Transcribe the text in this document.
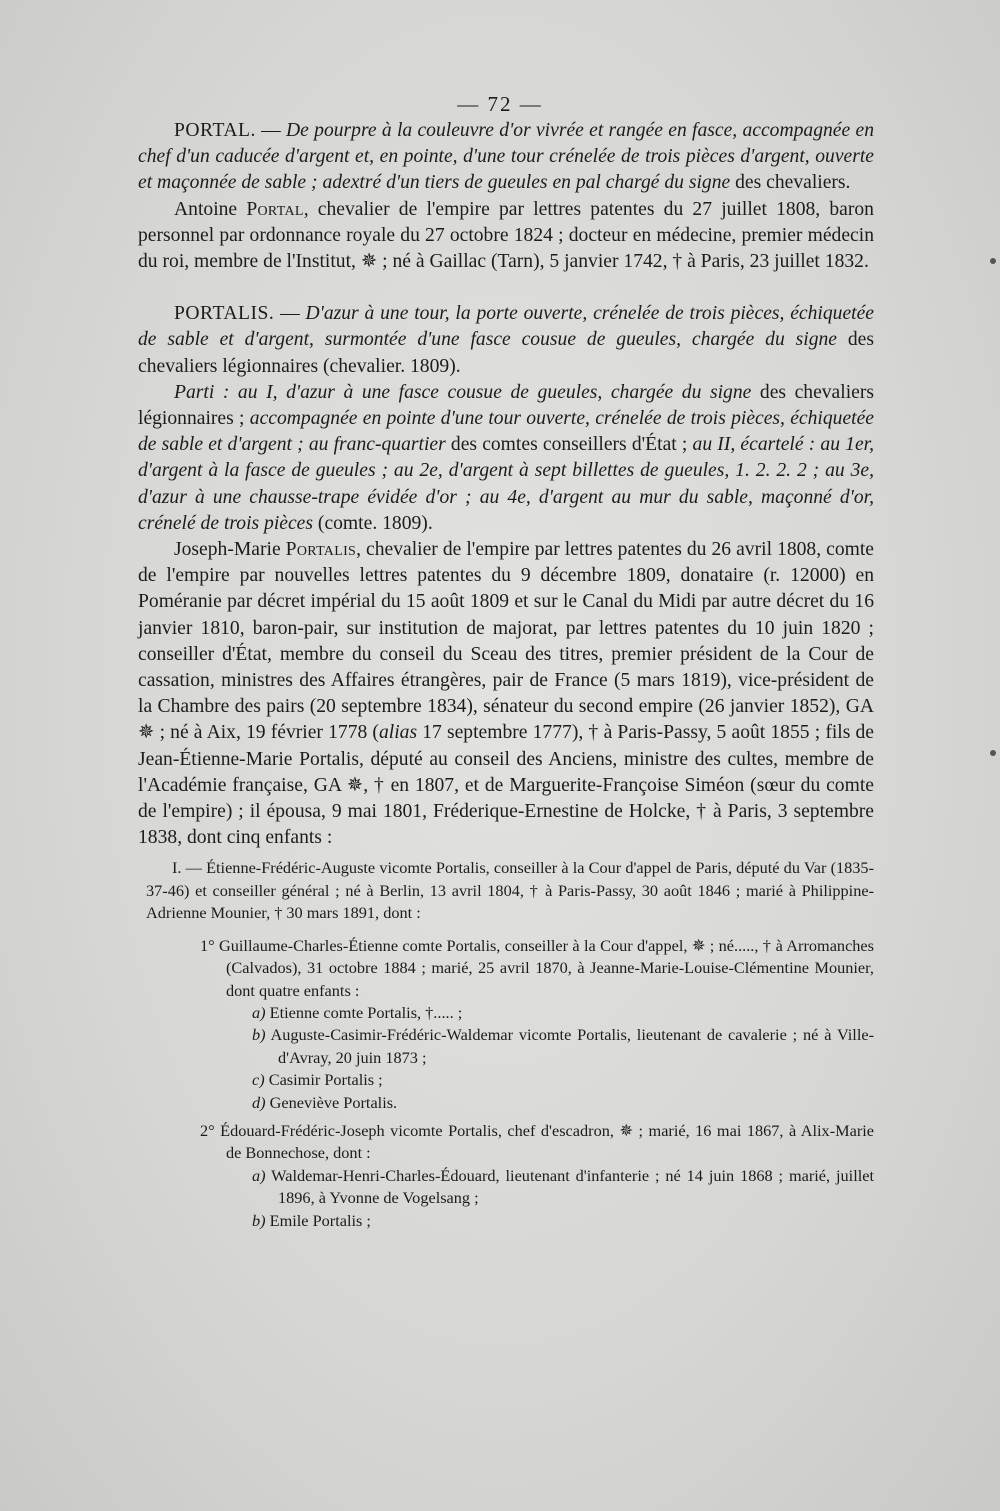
— 72 —

PORTAL. — De pourpre à la couleuvre d'or vivrée et rangée en fasce, accompagnée en chef d'un caducée d'argent et, en pointe, d'une tour crénelée de trois pièces d'argent, ouverte et maçonnée de sable ; adextré d'un tiers de gueules en pal chargé du signe des chevaliers.

Antoine Portal, chevalier de l'empire par lettres patentes du 27 juillet 1808, baron personnel par ordonnance royale du 27 octobre 1824 ; docteur en médecine, premier médecin du roi, membre de l'Institut, ✵ ; né à Gaillac (Tarn), 5 janvier 1742, † à Paris, 23 juillet 1832.

PORTALIS. — D'azur à une tour, la porte ouverte, crénelée de trois pièces, échiquetée de sable et d'argent, surmontée d'une fasce cousue de gueules, chargée du signe des chevaliers légionnaires (chevalier. 1809).

Parti : au I, d'azur à une fasce cousue de gueules, chargée du signe des chevaliers légionnaires ; accompagnée en pointe d'une tour ouverte, crénelée de trois pièces, échiquetée de sable et d'argent ; au franc-quartier des comtes conseillers d'État ; au II, écartelé : au 1er, d'argent à la fasce de gueules ; au 2e, d'argent à sept billettes de gueules, 1. 2. 2. 2 ; au 3e, d'azur à une chausse-trape évidée d'or ; au 4e, d'argent au mur du sable, maçonné d'or, crénelé de trois pièces (comte. 1809).

Joseph-Marie Portalis, chevalier de l'empire par lettres patentes du 26 avril 1808, comte de l'empire par nouvelles lettres patentes du 9 décembre 1809, donataire (r. 12000) en Poméranie par décret impérial du 15 août 1809 et sur le Canal du Midi par autre décret du 16 janvier 1810, baron-pair, sur institution de majorat, par lettres patentes du 10 juin 1820 ; conseiller d'État, membre du conseil du Sceau des titres, premier président de la Cour de cassation, ministres des Affaires étrangères, pair de France (5 mars 1819), vice-président de la Chambre des pairs (20 septembre 1834), sénateur du second empire (26 janvier 1852), GA ✵ ; né à Aix, 19 février 1778 (alias 17 septembre 1777), † à Paris-Passy, 5 août 1855 ; fils de Jean-Étienne-Marie Portalis, député au conseil des Anciens, ministre des cultes, membre de l'Académie française, GA ✵, † en 1807, et de Marguerite-Françoise Siméon (sœur du comte de l'empire) ; il épousa, 9 mai 1801, Fréderique-Ernestine de Holcke, † à Paris, 3 septembre 1838, dont cinq enfants :

I. — Étienne-Frédéric-Auguste vicomte Portalis, conseiller à la Cour d'appel de Paris, député du Var (1835-37-46) et conseiller général ; né à Berlin, 13 avril 1804, † à Paris-Passy, 30 août 1846 ; marié à Philippine-Adrienne Mounier, † 30 mars 1891, dont :

1° Guillaume-Charles-Étienne comte Portalis, conseiller à la Cour d'appel, ✵ ; né....., † à Arromanches (Calvados), 31 octobre 1884 ; marié, 25 avril 1870, à Jeanne-Marie-Louise-Clémentine Mounier, dont quatre enfants :

a) Etienne comte Portalis, †..... ;

b) Auguste-Casimir-Frédéric-Waldemar vicomte Portalis, lieutenant de cavalerie ; né à Ville-d'Avray, 20 juin 1873 ;

c) Casimir Portalis ;

d) Geneviève Portalis.

2° Édouard-Frédéric-Joseph vicomte Portalis, chef d'escadron, ✵ ; marié, 16 mai 1867, à Alix-Marie de Bonnechose, dont :

a) Waldemar-Henri-Charles-Édouard, lieutenant d'infanterie ; né 14 juin 1868 ; marié, juillet 1896, à Yvonne de Vogelsang ;

b) Emile Portalis ;
